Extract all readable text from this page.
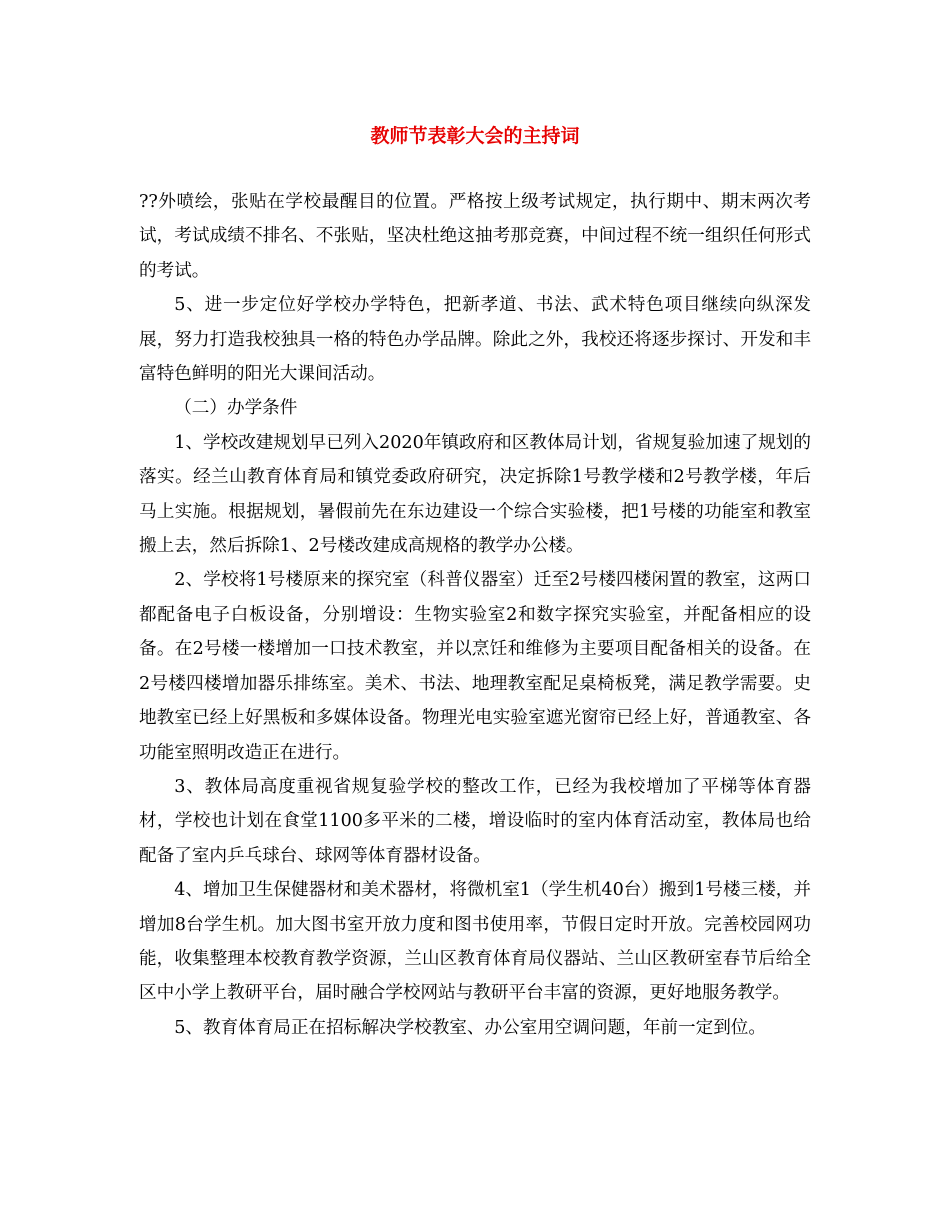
教师节表彰大会的主持词

??外喷绘，张贴在学校最醒目的位置。严格按上级考试规定，执行期中、期末两次考试，考试成绩不排名、不张贴，坚决杜绝这抽考那竞赛，中间过程不统一组织任何形式的考试。

5、进一步定位好学校办学特色，把新孝道、书法、武术特色项目继续向纵深发展，努力打造我校独具一格的特色办学品牌。除此之外，我校还将逐步探讨、开发和丰富特色鲜明的阳光大课间活动。

（二）办学条件

1、学校改建规划早已列入2020年镇政府和区教体局计划，省规复验加速了规划的落实。经兰山教育体育局和镇党委政府研究，决定拆除1号教学楼和2号教学楼，年后马上实施。根据规划，暑假前先在东边建设一个综合实验楼，把1号楼的功能室和教室搬上去，然后拆除1、2号楼改建成高规格的教学办公楼。

2、学校将1号楼原来的探究室（科普仪器室）迁至2号楼四楼闲置的教室，这两口都配备电子白板设备，分别增设：生物实验室2和数字探究实验室，并配备相应的设备。在2号楼一楼增加一口技术教室，并以烹饪和维修为主要项目配备相关的设备。在2号楼四楼增加器乐排练室。美术、书法、地理教室配足桌椅板凳，满足教学需要。史地教室已经上好黑板和多媒体设备。物理光电实验室遮光窗帘已经上好，普通教室、各功能室照明改造正在进行。

3、教体局高度重视省规复验学校的整改工作，已经为我校增加了平梯等体育器材，学校也计划在食堂1100多平米的二楼，增设临时的室内体育活动室，教体局也给配备了室内乒乓球台、球网等体育器材设备。

4、增加卫生保健器材和美术器材，将微机室1（学生机40台）搬到1号楼三楼，并增加8台学生机。加大图书室开放力度和图书使用率，节假日定时开放。完善校园网功能，收集整理本校教育教学资源，兰山区教育体育局仪器站、兰山区教研室春节后给全区中小学上教研平台，届时融合学校网站与教研平台丰富的资源，更好地服务教学。

5、教育体育局正在招标解决学校教室、办公室用空调问题，年前一定到位。
